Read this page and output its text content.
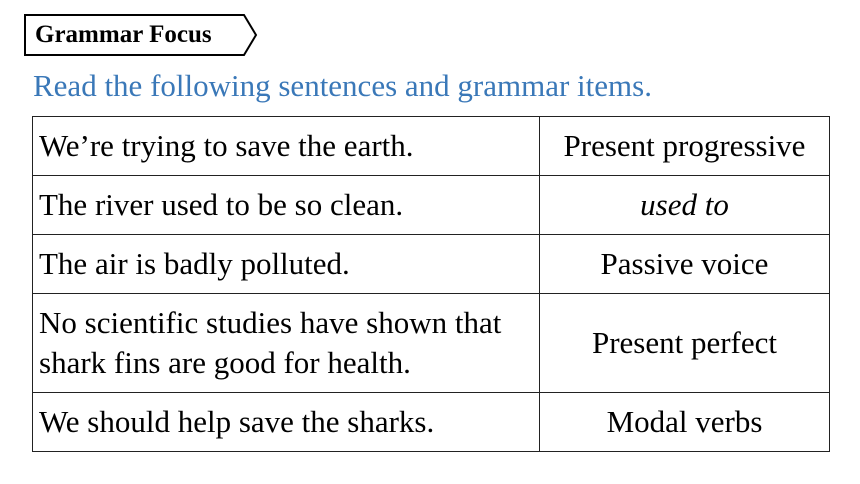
Grammar Focus
Read the following sentences and grammar items.
We’re trying to save the earth.	Present progressive
The river used to be so clean.	used to
The air is badly polluted.	Passive voice
No scientific studies have shown that shark fins are good for health.	Present perfect
We should help save the sharks.	Modal verbs
